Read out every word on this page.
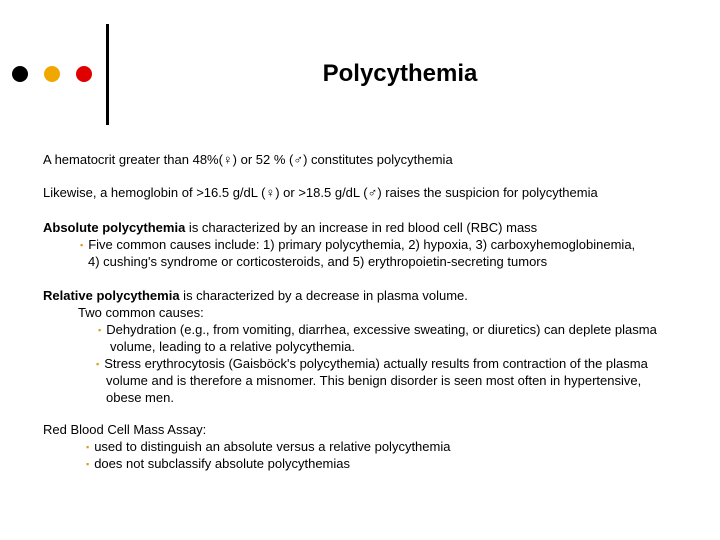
Polycythemia
A hematocrit greater than 48%(♀) or 52 % (♂) constitutes polycythemia
Likewise, a hemoglobin of >16.5 g/dL (♀) or >18.5 g/dL (♂) raises the suspicion for polycythemia
Absolute polycythemia is characterized by an increase in red blood cell (RBC) mass
▪ Five common causes include: 1) primary polycythemia, 2) hypoxia, 3) carboxyhemoglobinemia,
4) cushing's syndrome or corticosteroids, and 5) erythropoietin-secreting tumors
Relative polycythemia is characterized by a decrease in plasma volume.
Two common causes:
▪ Dehydration (e.g., from vomiting, diarrhea, excessive sweating, or diuretics) can deplete plasma
volume, leading to a relative polycythemia.
▪ Stress erythrocytosis (Gaisböck's polycythemia) actually results from contraction of the plasma
volume and is therefore a misnomer. This benign disorder is seen most often in hypertensive,
obese men.
Red Blood Cell Mass Assay:
▪ used to distinguish an absolute versus a relative polycythemia
▪ does not subclassify absolute polycythemias
